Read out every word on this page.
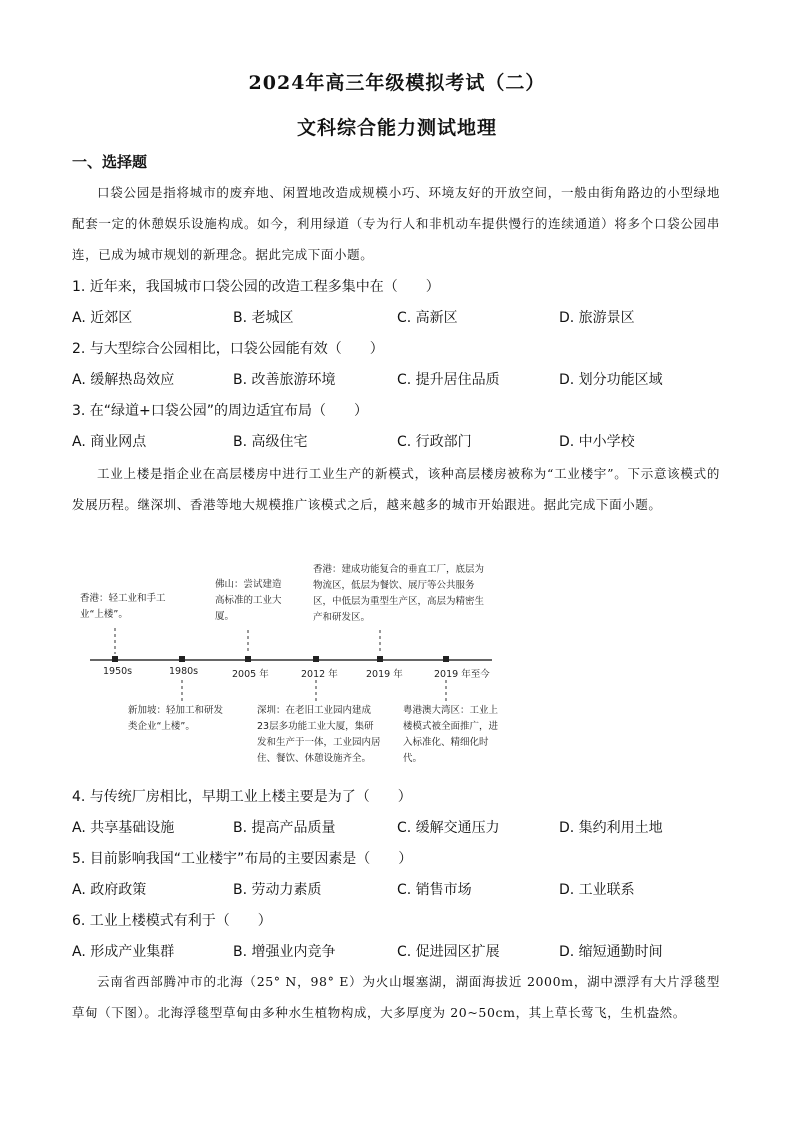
2024年高三年级模拟考试（二）
文科综合能力测试地理
一、选择题
口袋公园是指将城市的废弃地、闲置地改造成规模小巧、环境友好的开放空间，一般由街角路边的小型绿地配套一定的休憩娱乐设施构成。如今，利用绿道（专为行人和非机动车提供慢行的连续通道）将多个口袋公园串连，已成为城市规划的新理念。据此完成下面小题。
1. 近年来，我国城市口袋公园的改造工程多集中在（　　）
A. 近郊区	B. 老城区	C. 高新区	D. 旅游景区
2. 与大型综合公园相比，口袋公园能有效（　　）
A. 缓解热岛效应	B. 改善旅游环境	C. 提升居住品质	D. 划分功能区域
3. 在“绿道+口袋公园”的周边适宜布局（　　）
A. 商业网点	B. 高级住宅	C. 行政部门	D. 中小学校
工业上楼是指企业在高层楼房中进行工业生产的新模式，该种高层楼房被称为“工业楼宇”。下示意该模式的发展历程。继深圳、香港等地大规模推广该模式之后，越来越多的城市开始跟进。据此完成下面小题。
香港：轻工业和手工业“上楼”。
佛山：尝试建造高标准的工业大厦。
香港：建成功能复合的垂直工厂，底层为物流区，低层为餐饮、展厅等公共服务区，中低层为重型生产区，高层为精密生产和研发区。
1950s	1980s	2005 年	2012 年	2019 年	2019 年至今
新加坡：轻加工和研发类企业“上楼”。
深圳：在老旧工业园内建成23层多功能工业大厦，集研发和生产于一体，工业园内居住、餐饮、休憩设施齐全。
粤港澳大湾区：工业上楼模式被全面推广，进入标准化、精细化时代。
4. 与传统厂房相比，早期工业上楼主要是为了（　　）
A. 共享基础设施	B. 提高产品质量	C. 缓解交通压力	D. 集约利用土地
5. 目前影响我国“工业楼宇”布局的主要因素是（　　）
A. 政府政策	B. 劳动力素质	C. 销售市场	D. 工业联系
6. 工业上楼模式有利于（　　）
A. 形成产业集群	B. 增强业内竞争	C. 促进园区扩展	D. 缩短通勤时间
云南省西部腾冲市的北海（25° N，98° E）为火山堰塞湖，湖面海拔近 2000m，湖中漂浮有大片浮毯型草甸（下图）。北海浮毯型草甸由多种水生植物构成，大多厚度为 20~50cm，其上草长莺飞，生机盎然。
